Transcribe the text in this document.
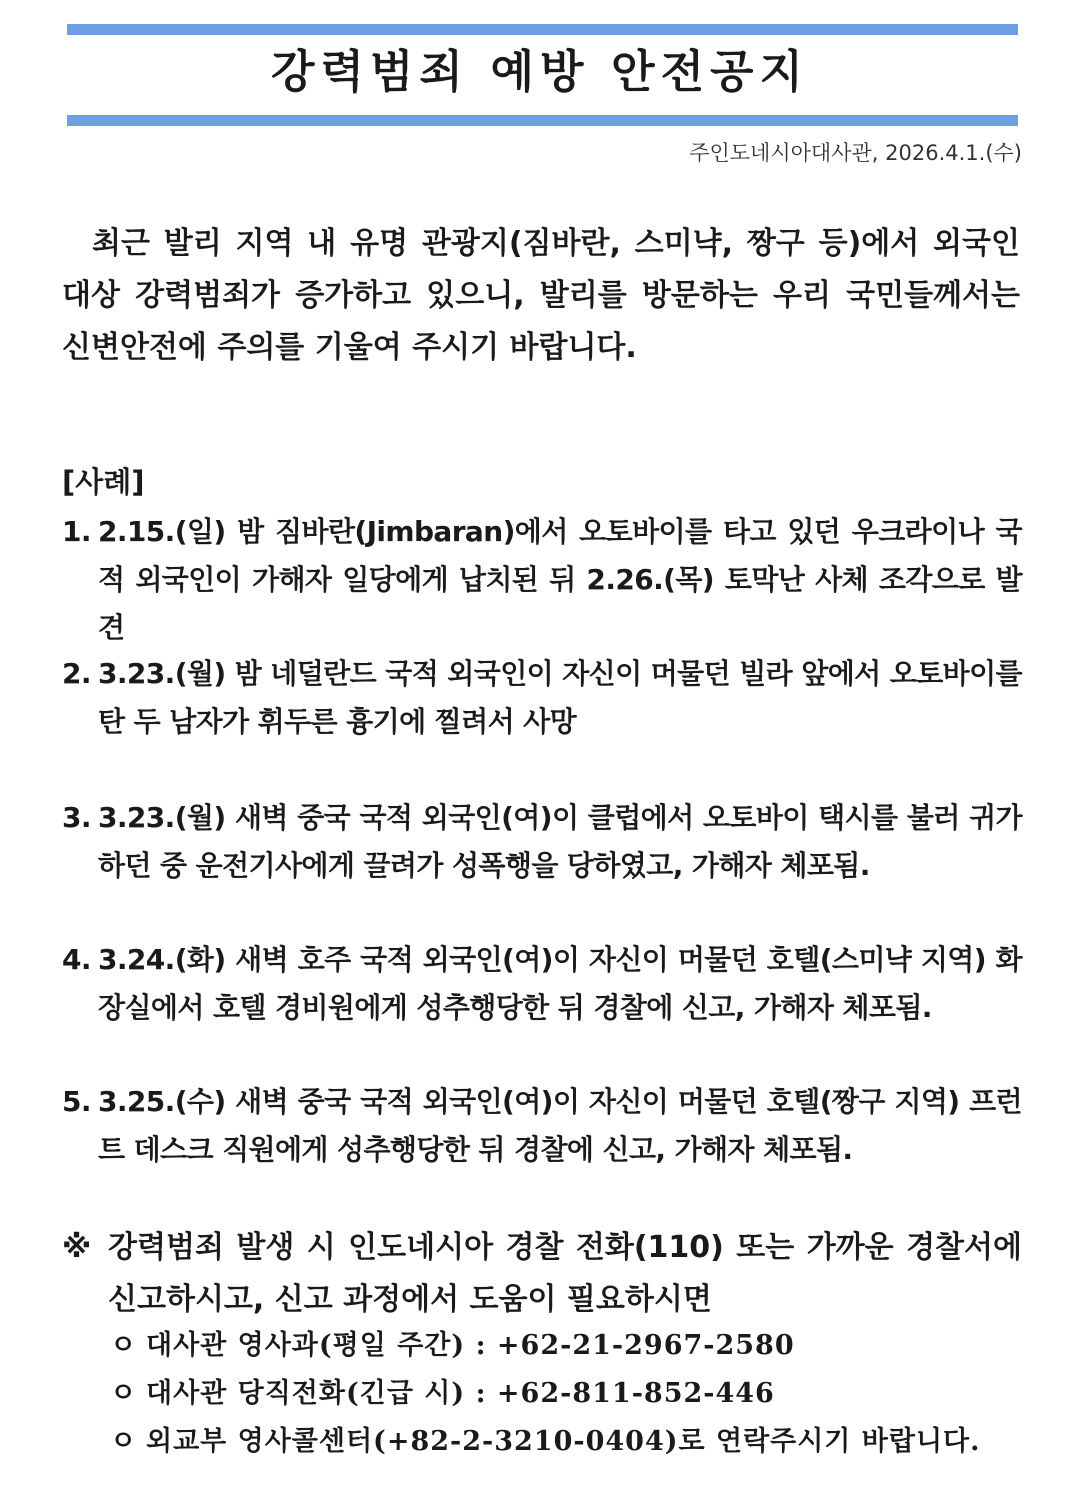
강력범죄 예방 안전공지
주인도네시아대사관, 2026.4.1.(수)
최근 발리 지역 내 유명 관광지(짐바란, 스미냑, 짱구 등)에서 외국인 대상 강력범죄가 증가하고 있으니, 발리를 방문하는 우리 국민들께서는 신변안전에 주의를 기울여 주시기 바랍니다.
[사례]
1. 2.15.(일) 밤 짐바란(Jimbaran)에서 오토바이를 타고 있던 우크라이나 국적 외국인이 가해자 일당에게 납치된 뒤 2.26.(목) 토막난 사체 조각으로 발견
2. 3.23.(월) 밤 네덜란드 국적 외국인이 자신이 머물던 빌라 앞에서 오토바이를 탄 두 남자가 휘두른 흉기에 찔려서 사망
3. 3.23.(월) 새벽 중국 국적 외국인(여)이 클럽에서 오토바이 택시를 불러 귀가하던 중 운전기사에게 끌려가 성폭행을 당하였고, 가해자 체포됨.
4. 3.24.(화) 새벽 호주 국적 외국인(여)이 자신이 머물던 호텔(스미냑 지역) 화장실에서 호텔 경비원에게 성추행당한 뒤 경찰에 신고, 가해자 체포됨.
5. 3.25.(수) 새벽 중국 국적 외국인(여)이 자신이 머물던 호텔(짱구 지역) 프런트 데스크 직원에게 성추행당한 뒤 경찰에 신고, 가해자 체포됨.
※ 강력범죄 발생 시 인도네시아 경찰 전화(110) 또는 가까운 경찰서에 신고하시고, 신고 과정에서 도움이 필요하시면
ㅇ 대사관 영사과(평일 주간) : +62-21-2967-2580
ㅇ 대사관 당직전화(긴급 시) : +62-811-852-446
ㅇ 외교부 영사콜센터(+82-2-3210-0404)로 연락주시기 바랍니다.
